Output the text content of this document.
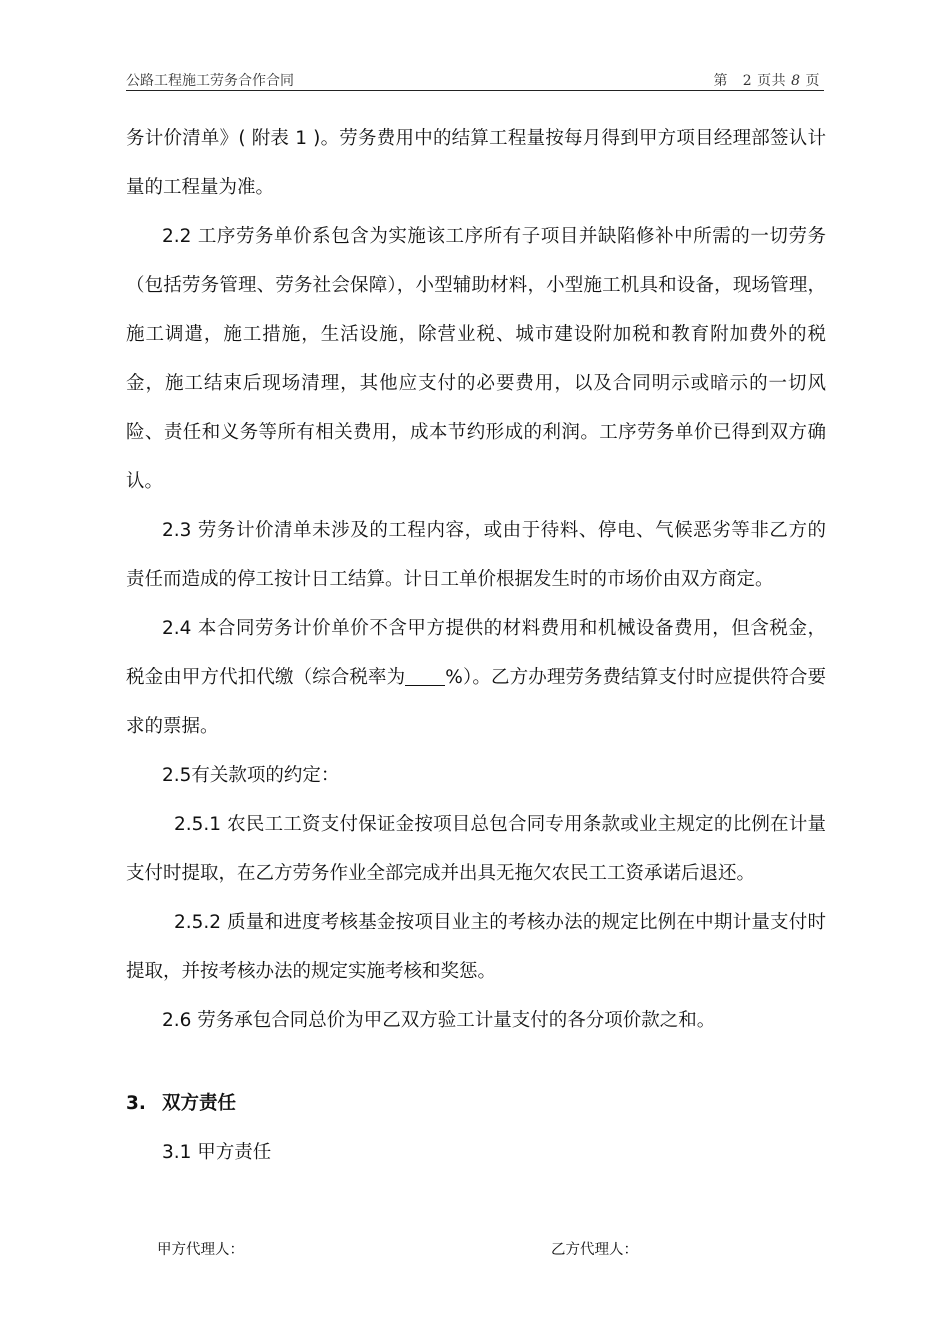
公路工程施工劳务合作合同	第 2 页共 8 页

务计价清单》( 附表 1 )。劳务费用中的结算工程量按每月得到甲方项目经理部签认计量的工程量为准。

2.2 工序劳务单价系包含为实施该工序所有子项目并缺陷修补中所需的一切劳务（包括劳务管理、劳务社会保障），小型辅助材料，小型施工机具和设备，现场管理，施工调遣，施工措施，生活设施，除营业税、城市建设附加税和教育附加费外的税金，施工结束后现场清理，其他应支付的必要费用，以及合同明示或暗示的一切风险、责任和义务等所有相关费用，成本节约形成的利润。工序劳务单价已得到双方确认。

2.3 劳务计价清单未涉及的工程内容，或由于待料、停电、气候恶劣等非乙方的责任而造成的停工按计日工结算。计日工单价根据发生时的市场价由双方商定。

2.4 本合同劳务计价单价不含甲方提供的材料费用和机械设备费用，但含税金，税金由甲方代扣代缴（综合税率为 %）。乙方办理劳务费结算支付时应提供符合要求的票据。

2.5有关款项的约定：

2.5.1 农民工工资支付保证金按项目总包合同专用条款或业主规定的比例在计量支付时提取，在乙方劳务作业全部完成并出具无拖欠农民工工资承诺后退还。

2.5.2 质量和进度考核基金按项目业主的考核办法的规定比例在中期计量支付时提取，并按考核办法的规定实施考核和奖惩。

2.6 劳务承包合同总价为甲乙双方验工计量支付的各分项价款之和。

3. 双方责任

3.1 甲方责任

甲方代理人：	乙方代理人：
